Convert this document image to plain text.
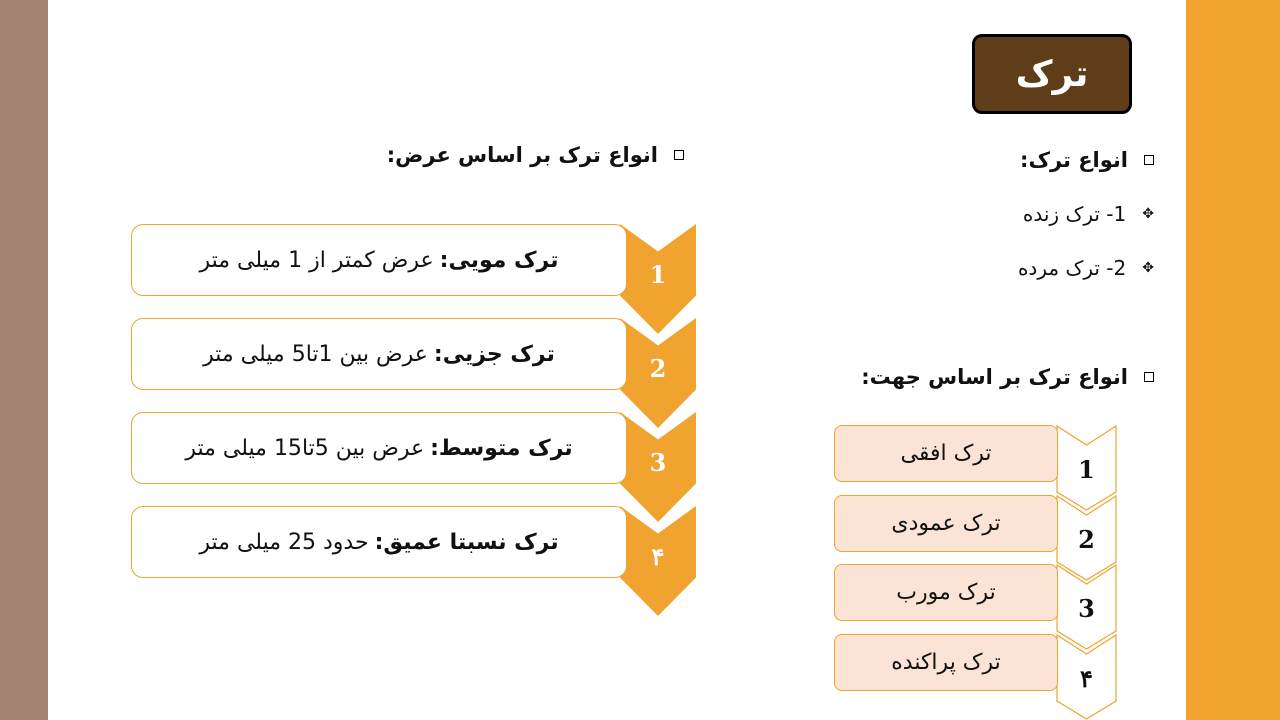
ترک
انواع ترک:
✥
1- ترک زنده
✥
2- ترک مرده
انواع ترک بر اساس جهت:
1
ترک افقی
2
ترک عمودی
3
ترک مورب
۴
ترک پراکنده
انواع ترک بر اساس عرض:
1
ترک مویی:
عرض کمتر از 1 میلی متر
2
ترک جزیی:
عرض بین 1تا5 میلی متر
3
ترک متوسط:
عرض بین 5تا15 میلی متر
۴
ترک نسبتا عمیق:
حدود 25 میلی متر
